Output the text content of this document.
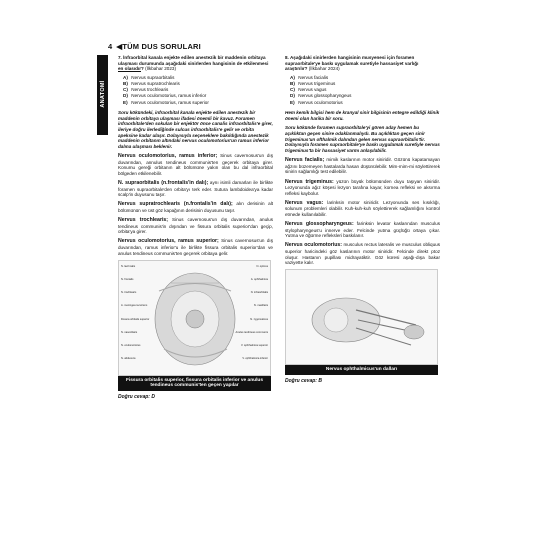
4 ◀TÜM DUS SORULARI
ANATOMİ
7. İnfraorbital kanala enjekte edilen anestezik bir maddenin orbitaya ulaşması durumunda aşağıdaki sinirlerden hangisinin de etkilenmesi en olasıdır? (İlkbahar 2023)
A) Nervus supraorbitalis
B) Nervus supratrochlearis
C) Nervus trochlearis
D) Nervus oculomotorius, ramus inferior
E) Nervus oculomotorius, ramus superior
Soru kökündeki, infraorbital kanala enjekte edilen anestezik bir maddenin orbitaya ulaşması ifadesi önemli bir kavuz. Foramen infraorbitale'den sokulan bir enjektör önce canalis infraorbitalis'e girer, ileriye doğru ilerlediğinde sulcus infraorbitalis'e gelir ve orbita apeksine kadar ulaşır. Dolayısıyla seçeneklere bakıldığında anestezik maddenin orbitanın altındaki nervus oculomotorius'un ramus inferior dalına ulaşması beklenir.
Nervus oculomotorius, ramus inferior; Sinus cavernosus'un dış duvarından, annulus tendineus communis'ten geçerek orbitaya girer. Konumu gereği orbitanın alt bölümüne yakın olan bu dal infraorbital bölgeden etkilenebilir.
N. supraorbitalis (n.frontalis'in dalı); aynı isimli damarları ile birlikte foramen supraorbitale'den orbita'yı terk eder. Sutura lambdoidea'ya kadar scalp'in duyusunu taşır.
Nervus supratrochlearis (n.frontalis'in dalı); alın derisinin alt bölümünün ve üst göz kapağının derisinin duyusunu taşır.
Nervus trochlearis; Sinus cavernosus'un dış duvarından, anulus tendineus communis'in dışından ve fissura orbitalis superior'dan geçip, orbita'ya girer.
Nervus oculomotorius, ramus superior; Sinus cavernosus'un dış duvarından, ramus inferior'u ile birlikte fissura orbitalis superior'dan ve anulus tendineus communis'ten geçerek orbitaya gelir.
N. lacrimalis
N. frontalis
N. trochlearis
A. meningea recurrens
Fissura orbitalis superior
N. nasociliaris
N. oculomotorius
N. abducens
N. opticus
A. ophthalmica
N. infraorbitalis
N. maxillaris
N. zygomaticus
Anulus tendineus communis
V. ophthalmica superior
V. ophthalmica inferior
Fissura orbitalis superior, fissura orbitalis inferior ve anulus tendineus communis'ten geçen yapılar
Doğru cevap: D
8. Aşağıdaki sinirlerden hangisinin musyenesi için foramen supraorbitale'ye baskı uygulamak suretiyle hassasiyet varlığı araştırılır? (İlkbahar 2024)
A) Nervus facialis
B) Nervus trigeminus
C) Nervus vagus
D) Nervus glossopharyngeus
E) Nervus oculomotorius
Hem kemik bilgisi hem de kranyal sinir bilgisinin entegre edildiği klinik önemi olan harika bir soru.
Soru kökünde foramen supraorbitale'yi gören aday hemen bu açıklıktan geçen sinire odaklanmalıydı. Bu açıklıktan geçen sinir trigeminus'un ofthalmik dalından gelen nervus supraorbitalis'tir. Dolayısıyla foramen supraorbitale'ye baskı uygulamak suretiyle nervus trigeminus'ta bir hassasiyet varmı anlaşılabilir.
Nervus facialis; mimik kaslarının motor siniridir. Gözünü kapatamayan ağzını büzemeyen hastalarda hasarı düşünülebilir. Mim-mim-mi söylettirerek sinirin sağlamlığı test edilebilir.
Nervus trigeminus: yüzün büyük bölümünden duyu taşıyan siniridir. Lezyonunda ağız köşesi lezyon tarafına kayar, kornea refleksi ve aksırma refleksi kaybolur.
Nervus vagus: larinksin motor siniridir. Lezyonunda ses kısıklığı, solunum problemleri olabilir. Kuh-kuh-kuh söylettirerek sağlamlığını kontrol etmede kullanılabilir.
Nervus glossopharyngeus: farinksin levator kaslarından musculus stylopharyngeus'u innerve eder. Felcinde yutma güçlüğü ortaya çıkar. Yutma ve öğürme refleksleri baskılanır.
Nervus oculomotorius: musculus rectus lateralis ve musculus obliquus superior haricindeki göz kaslarının motor siniridir. Felcinde direkt ptoz oluşur. Hastanın pupillası midrayatiktir. Göz küresi aşağı-dışa bakar vaziyette kalır.
Nervus ophthalmicus'un dalları
Doğru cevap: B
